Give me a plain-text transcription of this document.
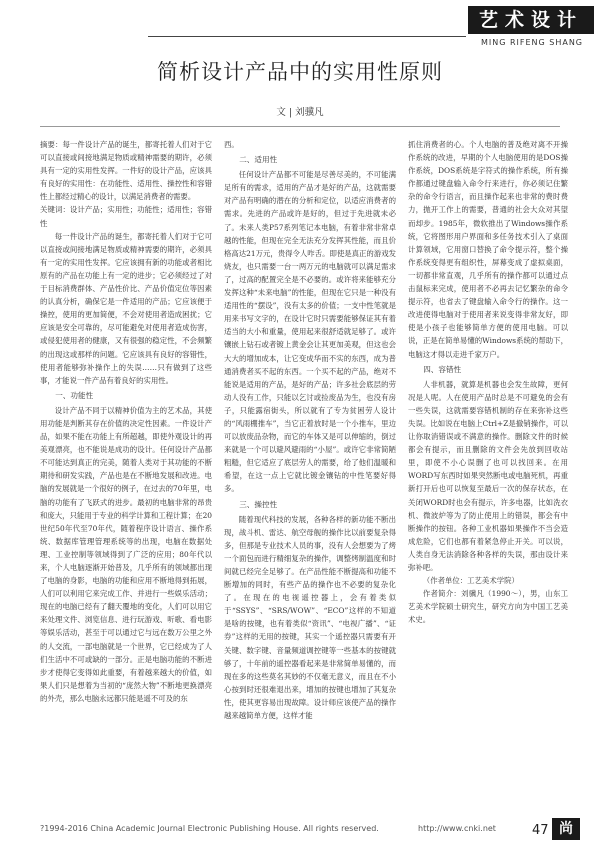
艺术设计
MING RIFENG SHANG
简析设计产品中的实用性原则
文 | 刘骥凡

摘要：每一件设计产品的诞生，都寄托着人们对于它可以直接或间接地满足物质或精神需要的期许，必须具有一定的实用性发挥。一件好的设计产品，应该具有良好的实用性：在功能性、适用性、操控性和容错性上都经过精心的设计，以满足消费者的需要。

关键词：设计产品；实用性；功能性；适用性；容错性

每一件设计产品的诞生，都寄托着人们对于它可以直接或间接地满足物质或精神需要的期许，必须具有一定的实用性发挥。它应该拥有新的功能或者相比原有的产品在功能上有一定的进步；它必须经过了对于目标消费群体、产品性价比、产品价值定位等因素的认真分析，确保它是一件适用的产品；它应该便于操控，使用的更加简便，不会对使用者造成困扰；它应该是安全可靠的，尽可能避免对使用者造成伤害，或侵犯使用者的健康，又有很强的稳定性，不会频繁的出现这或那样的问题。它应该具有良好的容错性，使用者能够弥补操作上的失误……只有做到了这些事，才能说一件产品有着良好的实用性。

一、功能性

设计产品不同于以精神价值为主的艺术品，其使用功能是判断其存在价值的决定性因素。一件设计产品，如果不能在功能上有所超越，即使外观设计的再美观漂亮，也不能说是成功的设计。任何设计产品都不可能达到真正的完美，随着人类对于其功能的不断期待和研发实践，产品也是在不断地发展和改进。电脑的发展就是一个很好的例子，在过去的70年里，电脑的功能有了飞跃式的进步。最初的电脑非常的昂贵和庞大，只能用于专业的科学计算和工程计算；在20世纪50年代至70年代，随着程序设计语言、操作系统、数据库管理管理系统等的出现，电脑在数据处理、工业控制等领域得到了广泛的应用；80年代以来，个人电脑逐渐开始普及，几乎所有的领域都出现了电脑的身影，电脑的功能和应用不断地得到拓展，人们可以利用它来完成工作、并进行一些娱乐活动；现在的电脑已经有了翻天覆地的变化，人们可以用它来处理文件、浏览信息、进行玩游戏、听歌、看电影等娱乐活动，甚至于可以通过它与远在数万公里之外的人交流，一部电脑就是一个世界，它已经成为了人们生活中不可或缺的一部分。正是电脑功能的不断进步才使得它变得如此重要，有着越来越大的价值，如果人们只是想着为当初的“庞然大物”不断地更换漂亮的外壳，那么电脑永远都只能是遥不可及的东

西。

二、适用性

任何设计产品都不可能是尽善尽美的，不可能满足所有的需求，适用的产品才是好的产品，这就需要对产品有明确的潜在的分析和定位，以适应消费者的需求。先进的产品或许是好的，但过于先进就未必了。未来人类P57系列笔记本电脑，有着非常非常卓越的性能，但现在完全无法充分发挥其性能，而且价格高达21万元，贵得令人咋舌。即使是真正的游戏发烧友，也只需要一台一两万元的电脑就可以满足需求了，过高的配置完全是不必要的。或许将来能够充分发挥这种“未来电脑”的性能，但现在它只是一种没有适用性的“摆设”，没有太多的价值；一支中性笔就是用来书写文字的，在设计它时只需要能够保证其有着适当的大小和重量，使用起来很舒适就足够了。或许镶嵌上钻石或者镀上黄金会让其更加美观，但这也会大大的增加成本，让它变成华而不实的东西，成为普通消费者买不起的东西。一个买不起的产品，绝对不能说是适用的产品，是好的产品；许多社会底层的劳动人没有工作，只能以乞讨或捡废品为生，也没有房子，只能露宿街头，所以就有了专为贫困劳人设计的“风雨棚推车”，当它正着放时是一个小推车，里边可以放废品杂物，而它的车体又是可以伸缩的，倒过来就是一个可以避风避雨的“小屋”。或许它非常简陋粗糙，但它适应了底层劳人的需要，给了他们温暖和希望，在这一点上它就比镀金镶钻的中性笔要好得多。

三、操控性

随着现代科技的发展，各种各样的新功能不断出现，战斗机、雷达、航空母舰的操作比以前要复杂得多，但那是专业技术人员的事，没有人会想要为了烤一个面包而进行精细复杂的操作，调整烤制温度和时间就已经完全足够了。在产品性能不断提高和功能不断增加的同时，有些产品的操作也不必要的复杂化了。在现在的电视遥控器上，会有着类似于“SSYS”、“SRS/WOW”、“ECO”这样的不知道是啥的按键，也有着类似“资讯”、“电视广播”、“证券”这样的无用的按键，其实一个遥控器只需要有开关键、数字键、音量频道调控键等一些基本的按键就够了，十年前的遥控器看起来是非常简单易懂的，而现在多的这些莫名其妙的不仅毫无意义，而且在不小心按到时还很难退出来，增加的按键也增加了其复杂性，使其更容易出现故障。设计师应该使产品的操作越来越简单方便，这样才能

抓住消费者的心。个人电脑的普及绝对离不开操作系统的改进，早期的个人电脑使用的是DOS操作系统，DOS系统是字符式的操作系统，所有操作都通过键盘输入命令行来进行，你必须记住繁杂的命令行语言，而且操作起来也非常的费时费力，抛开工作上的需要，普通的社会大众对其望而却步。1985年，微软推出了Windows操作系统，它将图形用户界面和多任务技术引入了桌面计算领域，它用窗口替换了命令提示符，整个操作系统变得更有组织性，屏幕变成了虚拟桌面，一切都非常直观，几乎所有的操作都可以通过点击鼠标来完成，使用者不必再去记忆繁杂的命令提示符，也省去了键盘输入命令行的操作。这一改进使得电脑对于使用者来说变得非常友好，即使是小孩子也能够简单方便的使用电脑。可以说，正是在简单易懂的Windows系统的帮助下，电脑这才得以走进千家万户。

四、容错性

人非机器，就算是机器也会发生故障，更何况是人呢。人在使用产品时总是不可避免的会有一些失误，这就需要容错机制的存在来弥补这些失误。比如说在电脑上Ctrl+Z是撤销操作，可以让你取消错误或不满意的操作。删除文件的时候都会有提示，而且删除的文件会先放到回收站里，即使不小心误删了也可以找回来。在用WORD写东西时如果突然断电或电脑死机，再重新打开后也可以恢复至最后一次的保存状态，在关闭WORD时也会有提示，许多电器，比如洗衣机、微波炉等为了防止使用上的错误，都会有中断操作的按钮。各种工业机器如果操作不当会造成危险，它们也都有着紧急停止开关。可以说，人类自身无法消除各种各样的失误，那由设计来弥补吧。

（作者单位：工艺美术学院）

作者简介：刘骥凡（1990～），男，山东工艺美术学院硕士研究生，研究方向为中国工艺美术史。

?1994-2016 China Academic Journal Electronic Publishing House. All rights reserved.	http://www.cnki.net	47 尚
